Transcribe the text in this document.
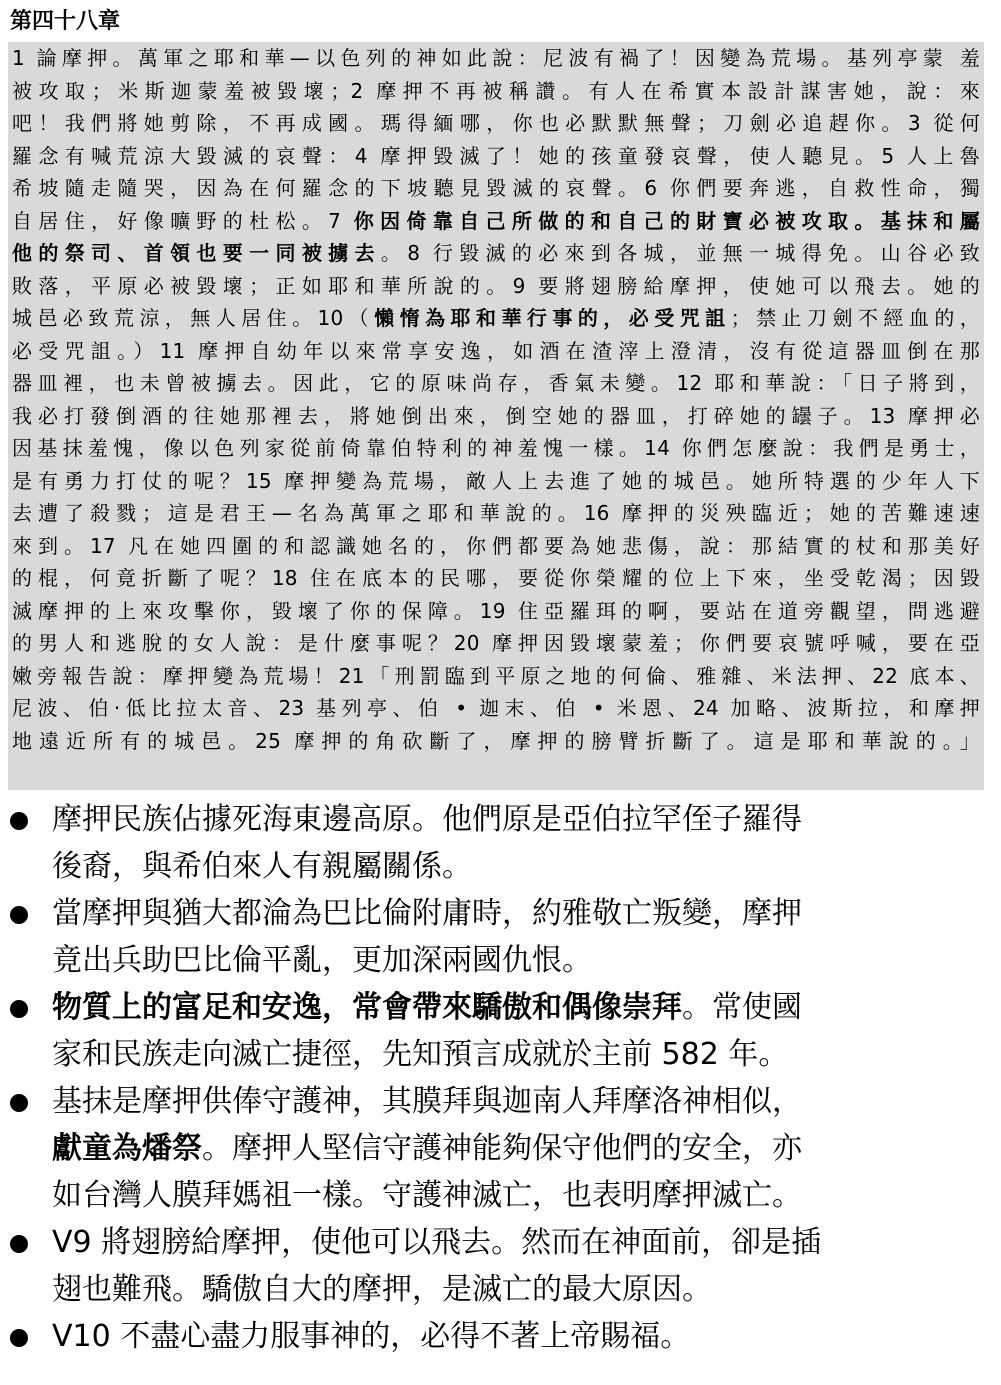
第四十八章
1 論摩押。萬軍之耶和華—以色列的神如此說：尼波有禍了！因變為荒場。基列亭蒙 羞
被攻取；米斯迦蒙羞被毀壞；2 摩押不再被稱讚。有人在希實本設計謀害她，說：來
吧！我們將她剪除，不再成國。瑪得緬哪，你也必默默無聲；刀劍必追趕你。3 從何
羅念有喊荒涼大毀滅的哀聲：4 摩押毀滅了！她的孩童發哀聲，使人聽見。5 人上魯
希坡隨走隨哭，因為在何羅念的下坡聽見毀滅的哀聲。6 你們要奔逃，自救性命，獨
自居住，好像曠野的杜松。7 你因倚靠自己所做的和自己的財寶必被攻取。基抹和屬
他的祭司、首領也要一同被擄去。8 行毀滅的必來到各城，並無一城得免。山谷必致
敗落，平原必被毀壞；正如耶和華所說的。9 要將翅膀給摩押，使她可以飛去。她的
城邑必致荒涼，無人居住。10（懶惰為耶和華行事的，必受咒詛；禁止刀劍不經血的，
必受咒詛。）11 摩押自幼年以來常享安逸，如酒在渣滓上澄清，沒有從這器皿倒在那
器皿裡，也未曾被擄去。因此，它的原味尚存，香氣未變。12 耶和華說：「日子將到，
我必打發倒酒的往她那裡去，將她倒出來，倒空她的器皿，打碎她的罎子。13 摩押必
因基抹羞愧，像以色列家從前倚靠伯特利的神羞愧一樣。14 你們怎麼說：我們是勇士，
是有勇力打仗的呢？15 摩押變為荒場，敵人上去進了她的城邑。她所特選的少年人下
去遭了殺戮；這是君王—名為萬軍之耶和華說的。16 摩押的災殃臨近；她的苦難速速
來到。17 凡在她四圍的和認識她名的，你們都要為她悲傷，說：那結實的杖和那美好
的棍，何竟折斷了呢？18 住在底本的民哪，要從你榮耀的位上下來，坐受乾渴；因毀
滅摩押的上來攻擊你，毀壞了你的保障。19 住亞羅珥的啊，要站在道旁觀望，問逃避
的男人和逃脫的女人說：是什麼事呢？20 摩押因毀壞蒙羞；你們要哀號呼喊，要在亞
嫩旁報告說：摩押變為荒場！21「刑罰臨到平原之地的何倫、雅雜、米法押、22 底本、
尼波、伯‧低比拉太音、23 基列亭、伯 • 迦末、伯 • 米恩、24 加略、波斯拉，和摩押
地遠近所有的城邑。25 摩押的角砍斷了，摩押的膀臂折斷了。這是耶和華說的。」
摩押民族佔據死海東邊高原。他們原是亞伯拉罕侄子羅得
後裔，與希伯來人有親屬關係。
當摩押與猶大都淪為巴比倫附庸時，約雅敬亡叛變，摩押
竟出兵助巴比倫平亂，更加深兩國仇恨。
物質上的富足和安逸，常會帶來驕傲和偶像崇拜。常使國
家和民族走向滅亡捷徑，先知預言成就於主前 582 年。
基抹是摩押供俸守護神，其膜拜與迦南人拜摩洛神相似，
獻童為燔祭。摩押人堅信守護神能夠保守他們的安全，亦
如台灣人膜拜媽祖一樣。守護神滅亡，也表明摩押滅亡。
V9 將翅膀給摩押，使他可以飛去。然而在神面前，卻是插
翅也難飛。驕傲自大的摩押，是滅亡的最大原因。
V10 不盡心盡力服事神的，必得不著上帝賜福。
